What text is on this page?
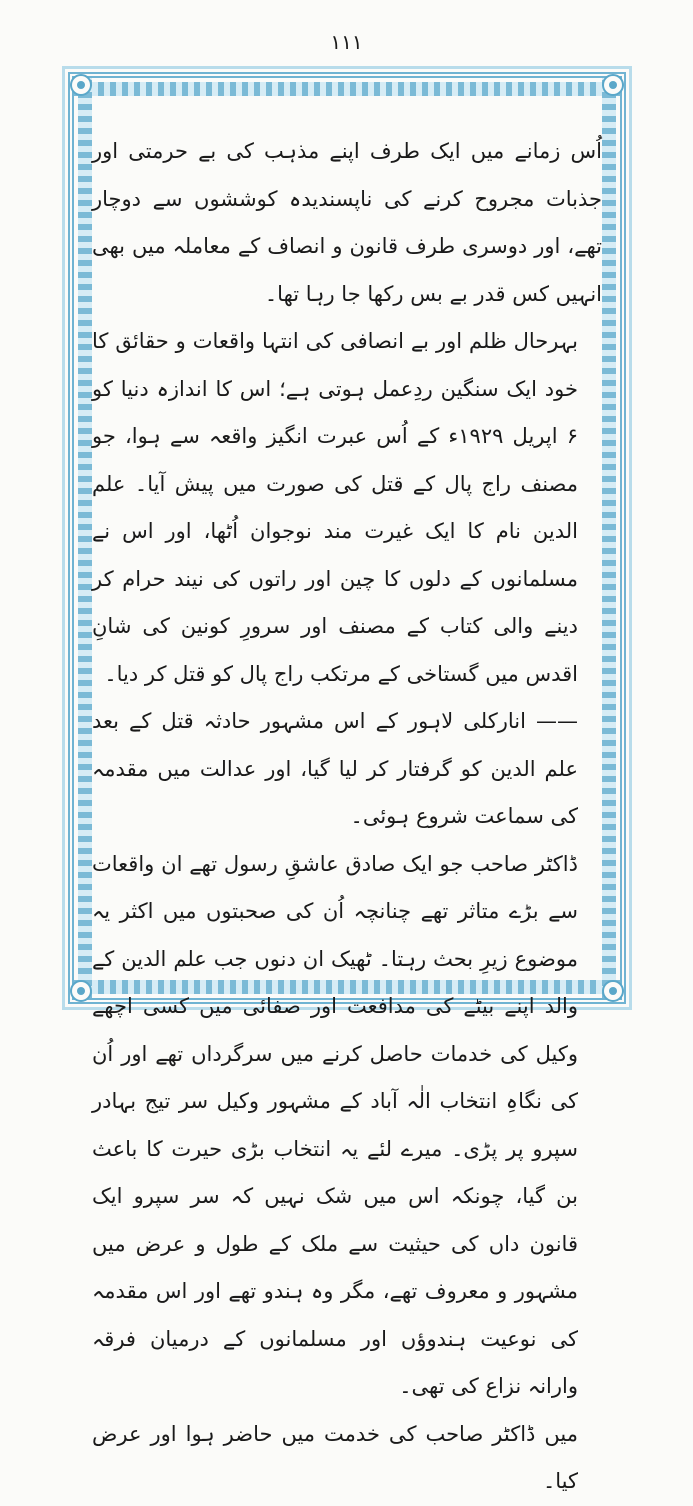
۱۱۱

اُس زمانے میں ایک طرف اپنے مذہب کی بے حرمتی اور جذبات مجروح کرنے کی ناپسندیدہ کوششوں سے دوچار تھے، اور دوسری طرف قانون و انصاف کے معاملہ میں بھی انہیں کس قدر بے بس رکھا جا رہا تھا۔

بہرحال ظلم اور بے انصافی کی انتہا واقعات و حقائق کا خود ایک سنگین ردِعمل ہوتی ہے؛ اس کا اندازہ دنیا کو ۶ اپریل ۱۹۲۹ء کے اُس عبرت انگیز واقعہ سے ہوا، جو مصنف راج پال کے قتل کی صورت میں پیش آیا۔ علم الدین نام کا ایک غیرت مند نوجوان اُٹھا، اور اس نے مسلمانوں کے دلوں کا چین اور راتوں کی نیند حرام کر دینے والی کتاب کے مصنف اور سرورِ کونین کی شانِ اقدس میں گستاخی کے مرتکب راج پال کو قتل کر دیا۔

—— انارکلی لاہور کے اس مشہور حادثہ قتل کے بعد علم الدین کو گرفتار کر لیا گیا، اور عدالت میں مقدمہ کی سماعت شروع ہوئی۔

ڈاکٹر صاحب جو ایک صادق عاشقِ رسول تھے ان واقعات سے بڑے متاثر تھے چنانچہ اُن کی صحبتوں میں اکثر یہ موضوع زیرِ بحث رہتا۔ ٹھیک ان دنوں جب علم الدین کے والد اپنے بیٹے کی مدافعت اور صفائی میں کسی اچھے وکیل کی خدمات حاصل کرنے میں سرگرداں تھے اور اُن کی نگاہِ انتخاب الٰہ آباد کے مشہور وکیل سر تیج بہادر سپرو پر پڑی۔ میرے لئے یہ انتخاب بڑی حیرت کا باعث بن گیا، چونکہ اس میں شک نہیں کہ سر سپرو ایک قانون داں کی حیثیت سے ملک کے طول و عرض میں مشہور و معروف تھے، مگر وہ ہندو تھے اور اس مقدمہ کی نوعیت ہندوؤں اور مسلمانوں کے درمیان فرقہ وارانہ نزاع کی تھی۔

میں ڈاکٹر صاحب کی خدمت میں حاضر ہوا اور عرض کیا۔
